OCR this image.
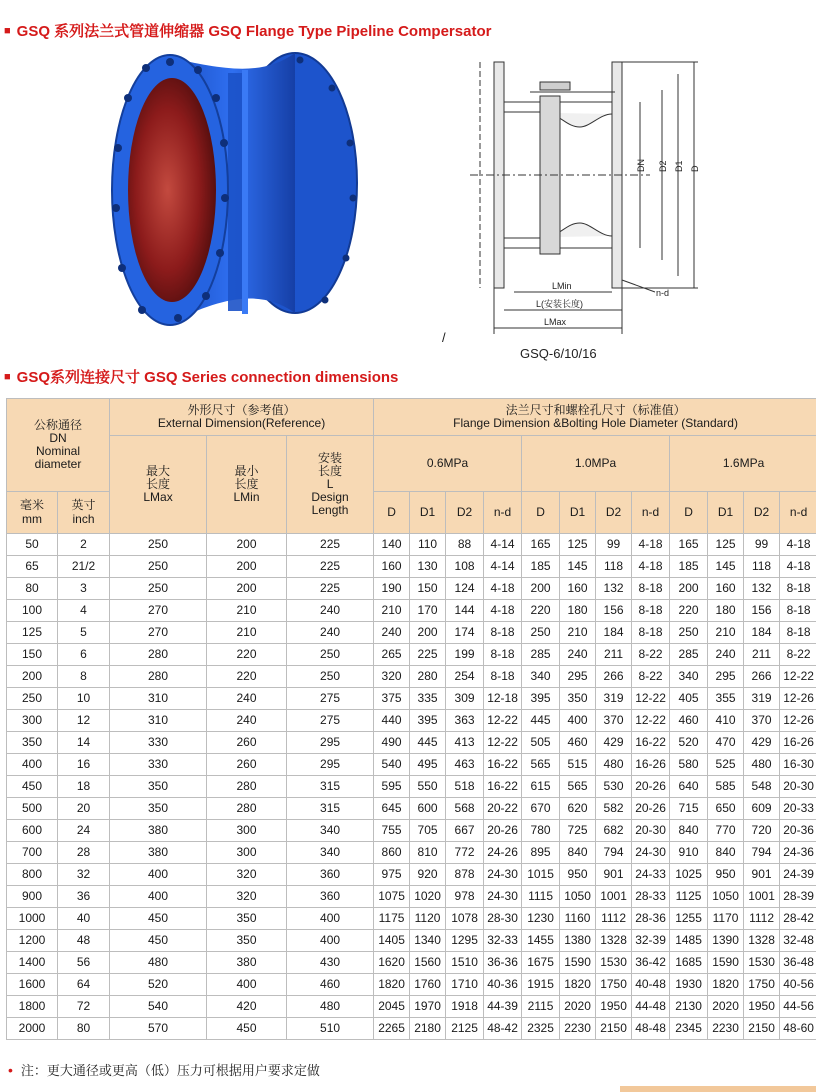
■ GSQ 系列法兰式管道伸缩器 GSQ Flange Type Pipeline Compersator
DN D2 D1 D
LMin
L(安装长度)
LMax
n-d
/
GSQ-6/10/16
■ GSQ系列连接尺寸 GSQ Series connection dimensions
公称通径
DN
Nominal
diameter		外形尺寸（参考值）
External Dimension(Reference)			法兰尺寸和螺栓孔尺寸（标准值）
Flange Dimension &Bolting Hole Diameter (Standard)											

		最大
长度
LMax	最小
长度
LMin	安装
长度
L
Design
Length	0.6MPa				1.0MPa				1.6MPa			

毫米
mm	英寸
inch				D	D1	D2	n-d	D	D1	D2	n-d	D	D1	D2	n-d
50	2	250	200	225	140	110	88	4-14	165	125	99	4-18	165	125	99	4-18
65	21/2	250	200	225	160	130	108	4-14	185	145	118	4-18	185	145	118	4-18
80	3	250	200	225	190	150	124	4-18	200	160	132	8-18	200	160	132	8-18
100	4	270	210	240	210	170	144	4-18	220	180	156	8-18	220	180	156	8-18
125	5	270	210	240	240	200	174	8-18	250	210	184	8-18	250	210	184	8-18
150	6	280	220	250	265	225	199	8-18	285	240	211	8-22	285	240	211	8-22
200	8	280	220	250	320	280	254	8-18	340	295	266	8-22	340	295	266	12-22
250	10	310	240	275	375	335	309	12-18	395	350	319	12-22	405	355	319	12-26
300	12	310	240	275	440	395	363	12-22	445	400	370	12-22	460	410	370	12-26
350	14	330	260	295	490	445	413	12-22	505	460	429	16-22	520	470	429	16-26
400	16	330	260	295	540	495	463	16-22	565	515	480	16-26	580	525	480	16-30
450	18	350	280	315	595	550	518	16-22	615	565	530	20-26	640	585	548	20-30
500	20	350	280	315	645	600	568	20-22	670	620	582	20-26	715	650	609	20-33
600	24	380	300	340	755	705	667	20-26	780	725	682	20-30	840	770	720	20-36
700	28	380	300	340	860	810	772	24-26	895	840	794	24-30	910	840	794	24-36
800	32	400	320	360	975	920	878	24-30	1015	950	901	24-33	1025	950	901	24-39
900	36	400	320	360	1075	1020	978	24-30	1115	1050	1001	28-33	1125	1050	1001	28-39
1000	40	450	350	400	1175	1120	1078	28-30	1230	1160	1112	28-36	1255	1170	1112	28-42
1200	48	450	350	400	1405	1340	1295	32-33	1455	1380	1328	32-39	1485	1390	1328	32-48
1400	56	480	380	430	1620	1560	1510	36-36	1675	1590	1530	36-42	1685	1590	1530	36-48
1600	64	520	400	460	1820	1760	1710	40-36	1915	1820	1750	40-48	1930	1820	1750	40-56
1800	72	540	420	480	2045	1970	1918	44-39	2115	2020	1950	44-48	2130	2020	1950	44-56
2000	80	570	450	510	2265	2180	2125	48-42	2325	2230	2150	48-48	2345	2230	2150	48-60
• 注：更大通径或更高（低）压力可根据用户要求定做
